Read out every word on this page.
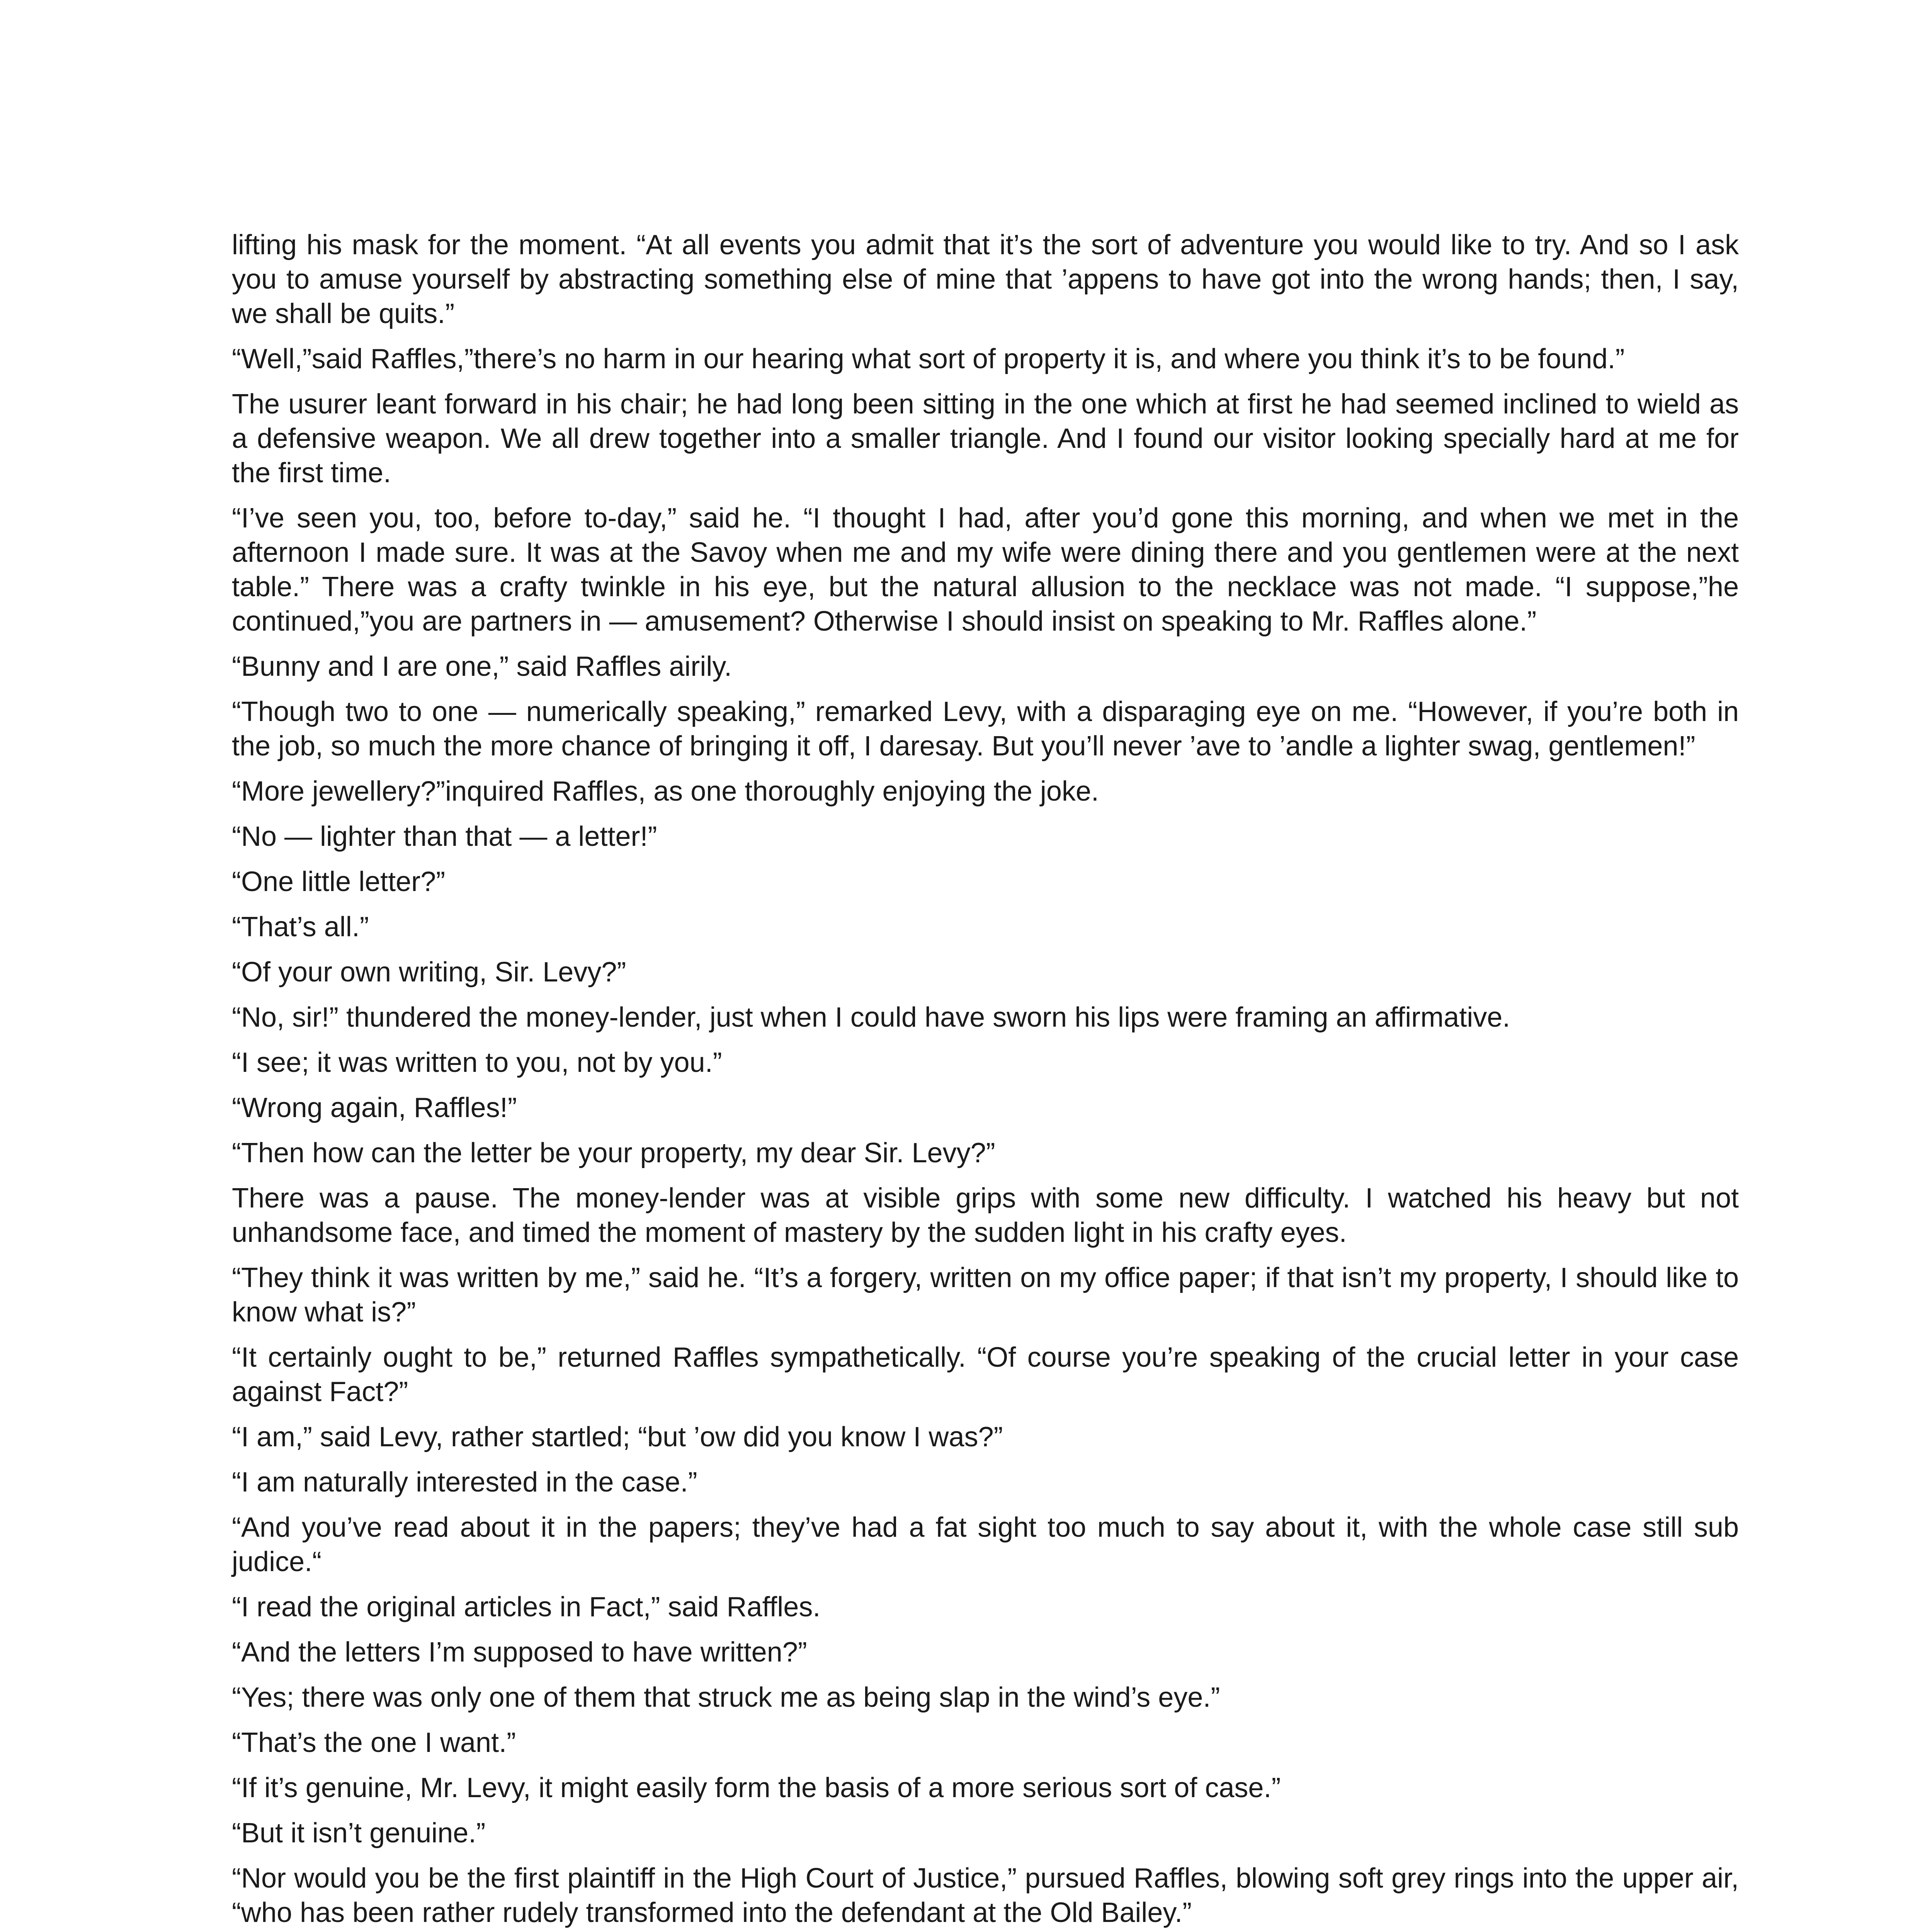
lifting his mask for the moment. “At all events you admit that it’s the sort of adventure you would like to try. And so I ask you to amuse yourself by abstracting something else of mine that ’appens to have got into the wrong hands; then, I say, we shall be quits.”

“Well,”said Raffles,”there’s no harm in our hearing what sort of property it is, and where you think it’s to be found.”

The usurer leant forward in his chair; he had long been sitting in the one which at first he had seemed inclined to wield as a defensive weapon. We all drew together into a smaller triangle. And I found our visitor looking specially hard at me for the first time.

“I’ve seen you, too, before to-day,” said he. “I thought I had, after you’d gone this morning, and when we met in the afternoon I made sure. It was at the Savoy when me and my wife were dining there and you gentlemen were at the next table.” There was a crafty twinkle in his eye, but the natural allusion to the necklace was not made. “I suppose,”he continued,”you are partners in — amusement? Otherwise I should insist on speaking to Mr. Raffles alone.”

“Bunny and I are one,” said Raffles airily.

“Though two to one — numerically speaking,” remarked Levy, with a disparaging eye on me. “However, if you’re both in the job, so much the more chance of bringing it off, I daresay. But you’ll never ’ave to ’andle a lighter swag, gentlemen!”

“More jewellery?”inquired Raffles, as one thoroughly enjoying the joke.

“No — lighter than that — a letter!”

“One little letter?”

“That’s all.”

“Of your own writing, Sir. Levy?”

“No, sir!” thundered the money-lender, just when I could have sworn his lips were framing an affirmative.

“I see; it was written to you, not by you.”

“Wrong again, Raffles!”

“Then how can the letter be your property, my dear Sir. Levy?”

There was a pause. The money-lender was at visible grips with some new difficulty. I watched his heavy but not unhandsome face, and timed the moment of mastery by the sudden light in his crafty eyes.

“They think it was written by me,” said he. “It’s a forgery, written on my office paper; if that isn’t my property, I should like to know what is?”

“It certainly ought to be,” returned Raffles sympathetically. “Of course you’re speaking of the crucial letter in your case against Fact?”

“I am,” said Levy, rather startled; “but ’ow did you know I was?”

“I am naturally interested in the case.”

“And you’ve read about it in the papers; they’ve had a fat sight too much to say about it, with the whole case still sub judice.“

“I read the original articles in Fact,” said Raffles.

“And the letters I’m supposed to have written?”

“Yes; there was only one of them that struck me as being slap in the wind’s eye.”

“That’s the one I want.”

“If it’s genuine, Mr. Levy, it might easily form the basis of a more serious sort of case.”

“But it isn’t genuine.”

“Nor would you be the first plaintiff in the High Court of Justice,” pursued Raffles, blowing soft grey rings into the upper air, “who has been rather rudely transformed into the defendant at the Old Bailey.”
